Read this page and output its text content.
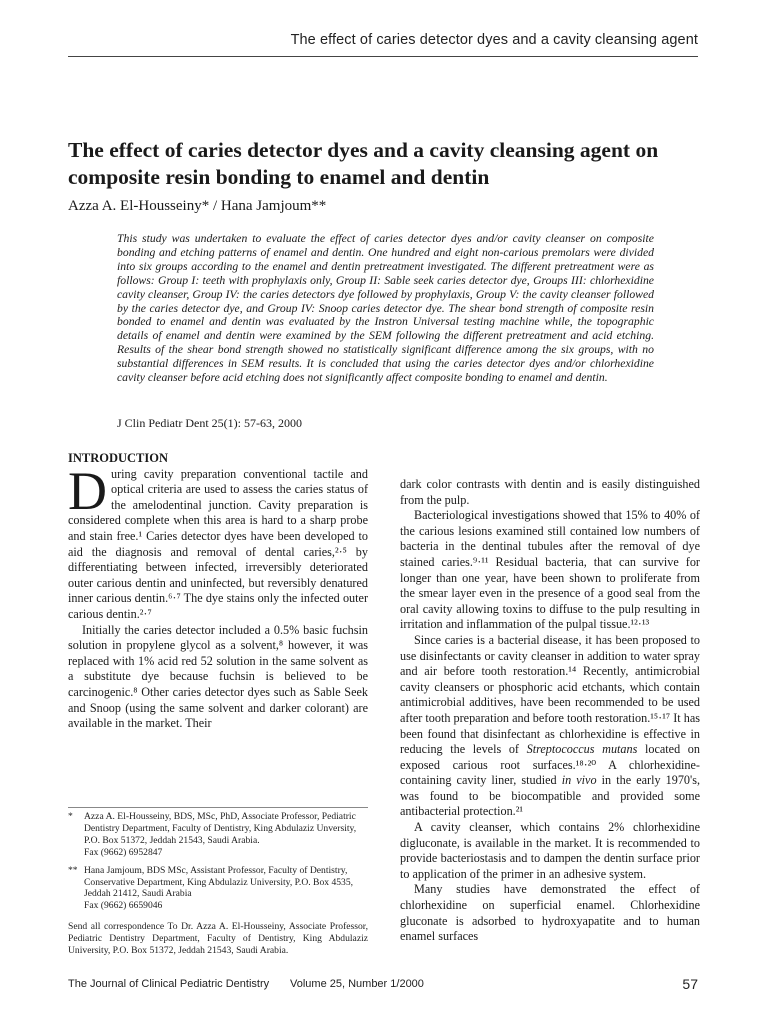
The effect of caries detector dyes and a cavity cleansing agent
The effect of caries detector dyes and a cavity cleansing agent on composite resin bonding to enamel and dentin
Azza A. El-Housseiny* / Hana Jamjoum**

This study was undertaken to evaluate the effect of caries detector dyes and/or cavity cleanser on composite bonding and etching patterns of enamel and dentin. One hundred and eight non-carious premolars were divided into six groups according to the enamel and dentin pretreatment investigated. The different pretreatment were as follows: Group I: teeth with prophylaxis only, Group II: Sable seek caries detector dye, Groups III: chlorhexidine cavity cleanser, Group IV: the caries detectors dye followed by prophylaxis, Group V: the cavity cleanser followed by the caries detector dye, and Group IV: Snoop caries detector dye. The shear bond strength of composite resin bonded to enamel and dentin was evaluated by the Instron Universal testing machine while, the topographic details of enamel and dentin were examined by the SEM following the different pretreatment and acid etching. Results of the shear bond strength showed no statistically significant difference among the six groups, with no substantial differences in SEM results. It is concluded that using the caries detector dyes and/or chlorhexidine cavity cleanser before acid etching does not significantly affect composite bonding to enamel and dentin.

J Clin Pediatr Dent 25(1): 57-63, 2000
INTRODUCTION

During cavity preparation conventional tactile and optical criteria are used to assess the caries status of the amelodentinal junction. Cavity preparation is considered complete when this area is hard to a sharp probe and stain free.¹ Caries detector dyes have been developed to aid the diagnosis and removal of dental caries,²·⁵ by differentiating between infected, irreversibly deteriorated outer carious dentin and uninfected, but reversibly denatured inner carious dentin.⁶·⁷ The dye stains only the infected outer carious dentin.²·⁷

Initially the caries detector included a 0.5% basic fuchsin solution in propylene glycol as a solvent,⁸ however, it was replaced with 1% acid red 52 solution in the same solvent as a substitute dye because fuchsin is believed to be carcinogenic.⁸ Other caries detector dyes such as Sable Seek and Snoop (using the same solvent and darker colorant) are available in the market. Their

dark color contrasts with dentin and is easily distinguished from the pulp.

Bacteriological investigations showed that 15% to 40% of the carious lesions examined still contained low numbers of bacteria in the dentinal tubules after the removal of dye stained caries.⁹·¹¹ Residual bacteria, that can survive for longer than one year, have been shown to proliferate from the smear layer even in the presence of a good seal from the oral cavity allowing toxins to diffuse to the pulp resulting in irritation and inflammation of the pulpal tissue.¹²·¹³

Since caries is a bacterial disease, it has been proposed to use disinfectants or cavity cleanser in addition to water spray and air before tooth restoration.¹⁴ Recently, antimicrobial cavity cleansers or phosphoric acid etchants, which contain antimicrobial additives, have been recommended to be used after tooth preparation and before tooth restoration.¹⁵·¹⁷ It has been found that disinfectant as chlorhexidine is effective in reducing the levels of Streptococcus mutans located on exposed carious root surfaces.¹⁸·²⁰ A chlorhexidine-containing cavity liner, studied in vivo in the early 1970's, was found to be biocompatible and provided some antibacterial protection.²¹

A cavity cleanser, which contains 2% chlorhexidine digluconate, is available in the market. It is recommended to provide bacteriostasis and to dampen the dentin surface prior to application of the primer in an adhesive system.

Many studies have demonstrated the effect of chlorhexidine on superficial enamel. Chlorhexidine gluconate is adsorbed to hydroxyapatite and to human enamel surfaces

* Azza A. El-Housseiny, BDS, MSc, PhD, Associate Professor, Pediatric Dentistry Department, Faculty of Dentistry, King Abdulaziz Unversity, P.O. Box 51372, Jeddah 21543, Saudi Arabia.
Fax (9662) 6952847
** Hana Jamjoum, BDS MSc, Assistant Professor, Faculty of Dentistry, Conservative Department, King Abdulaziz University, P.O. Box 4535, Jeddah 21412, Saudi Arabia
Fax (9662) 6659046
Send all correspondence To Dr. Azza A. El-Housseiny, Associate Professor, Pediatric Dentistry Department, Faculty of Dentistry, King Abdulaziz University, P.O. Box 51372, Jeddah 21543, Saudi Arabia.
The Journal of Clinical Pediatric Dentistry Volume 25, Number 1/2000	57
